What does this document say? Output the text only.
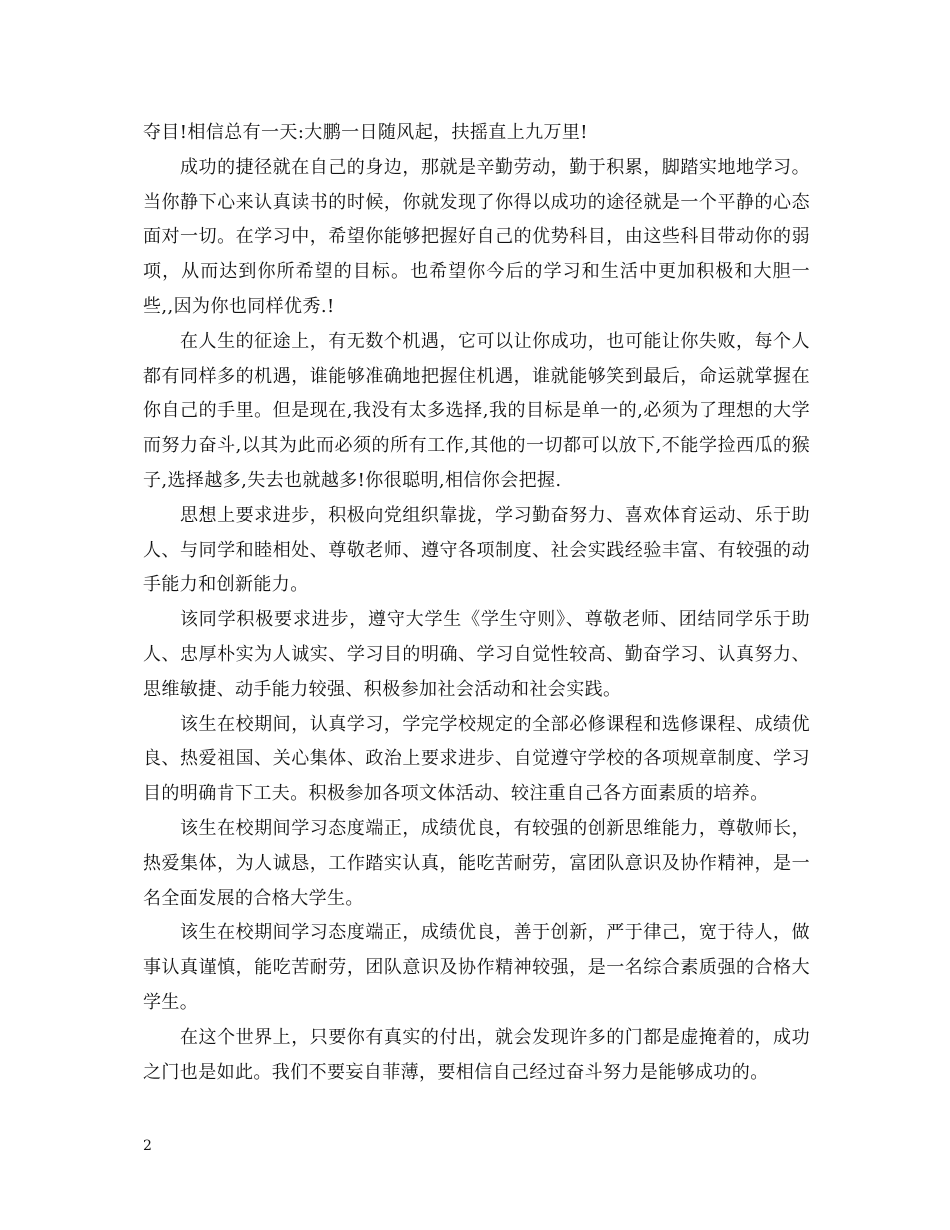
夺目!相信总有一天:大鹏一日随风起，扶摇直上九万里!

成功的捷径就在自己的身边，那就是辛勤劳动，勤于积累，脚踏实地地学习。当你静下心来认真读书的时候，你就发现了你得以成功的途径就是一个平静的心态面对一切。在学习中，希望你能够把握好自己的优势科目，由这些科目带动你的弱项，从而达到你所希望的目标。也希望你今后的学习和生活中更加积极和大胆一些,,因为你也同样优秀.!

在人生的征途上，有无数个机遇，它可以让你成功，也可能让你失败，每个人都有同样多的机遇，谁能够准确地把握住机遇，谁就能够笑到最后，命运就掌握在你自己的手里。但是现在,我没有太多选择,我的目标是单一的,必须为了理想的大学而努力奋斗,以其为此而必须的所有工作,其他的一切都可以放下,不能学捡西瓜的猴子,选择越多,失去也就越多!你很聪明,相信你会把握.

思想上要求进步，积极向党组织靠拢，学习勤奋努力、喜欢体育运动、乐于助人、与同学和睦相处、尊敬老师、遵守各项制度、社会实践经验丰富、有较强的动手能力和创新能力。

该同学积极要求进步，遵守大学生《学生守则》、尊敬老师、团结同学乐于助人、忠厚朴实为人诚实、学习目的明确、学习自觉性较高、勤奋学习、认真努力、思维敏捷、动手能力较强、积极参加社会活动和社会实践。

该生在校期间，认真学习，学完学校规定的全部必修课程和选修课程、成绩优良、热爱祖国、关心集体、政治上要求进步、自觉遵守学校的各项规章制度、学习目的明确肯下工夫。积极参加各项文体活动、较注重自己各方面素质的培养。

该生在校期间学习态度端正，成绩优良，有较强的创新思维能力，尊敬师长，热爱集体，为人诚恳，工作踏实认真，能吃苦耐劳，富团队意识及协作精神，是一名全面发展的合格大学生。

该生在校期间学习态度端正，成绩优良，善于创新，严于律己，宽于待人，做事认真谨慎，能吃苦耐劳，团队意识及协作精神较强，是一名综合素质强的合格大学生。

在这个世界上，只要你有真实的付出，就会发现许多的门都是虚掩着的，成功之门也是如此。我们不要妄自菲薄，要相信自己经过奋斗努力是能够成功的。

2
